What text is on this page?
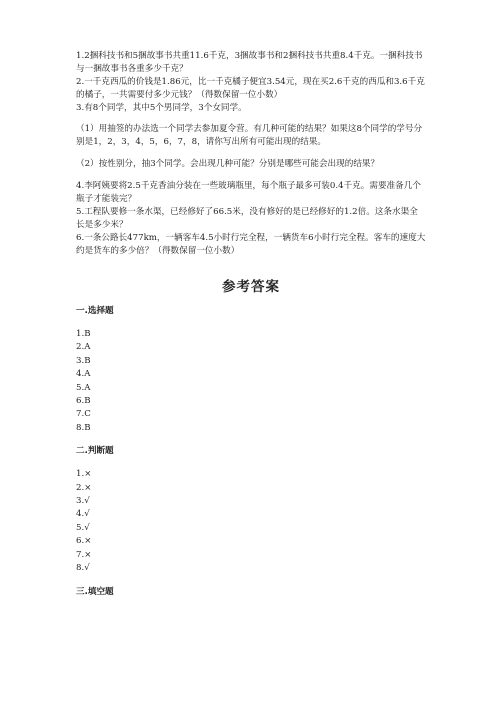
1.2捆科技书和5捆故事书共重11.6千克，3捆故事书和2捆科技书共重8.4千克。一捆科技书与一捆故事书各重多少千克？

2.一千克西瓜的价钱是1.86元，比一千克橘子便宜3.54元，现在买2.6千克的西瓜和3.6千克的橘子，一共需要付多少元钱？（得数保留一位小数）

3.有8个同学，其中5个男同学，3个女同学。

（1）用抽签的办法选一个同学去参加夏令营。有几种可能的结果？如果这8个同学的学号分别是1，2，3，4，5，6，7，8，请你写出所有可能出现的结果。

（2）按性别分，抽3个同学。会出现几种可能？分别是哪些可能会出现的结果？

4.李阿姨要将2.5千克香油分装在一些玻璃瓶里，每个瓶子最多可装0.4千克。需要准备几个瓶子才能装完？

5.工程队要修一条水渠，已经修好了66.5米，没有修好的是已经修好的1.2倍。这条水渠全长是多少米？

6.一条公路长477km，一辆客车4.5小时行完全程，一辆货车6小时行完全程。客车的速度大约是货车的多少倍？（得数保留一位小数）

参考答案
一.选择题
1.B
2.A
3.B
4.A
5.A
6.B
7.C
8.B
二.判断题
1.×
2.×
3.√
4.√
5.√
6.×
7.×
8.√
三.填空题
